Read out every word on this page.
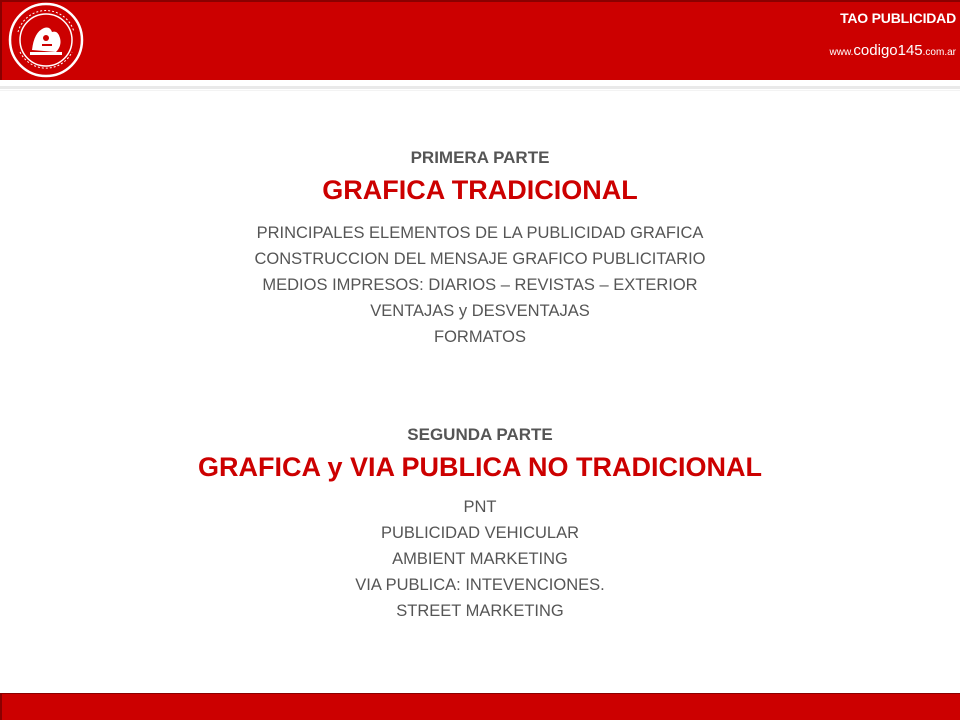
TAO PUBLICIDAD
www.codigo145.com.ar
PRIMERA PARTE
GRAFICA TRADICIONAL
PRINCIPALES ELEMENTOS DE LA PUBLICIDAD GRAFICA
CONSTRUCCION DEL MENSAJE GRAFICO PUBLICITARIO
MEDIOS IMPRESOS: DIARIOS – REVISTAS – EXTERIOR
VENTAJAS y DESVENTAJAS
FORMATOS
SEGUNDA PARTE
GRAFICA y VIA PUBLICA NO TRADICIONAL
PNT
PUBLICIDAD VEHICULAR
AMBIENT MARKETING
VIA PUBLICA: INTEVENCIONES.
STREET MARKETING
